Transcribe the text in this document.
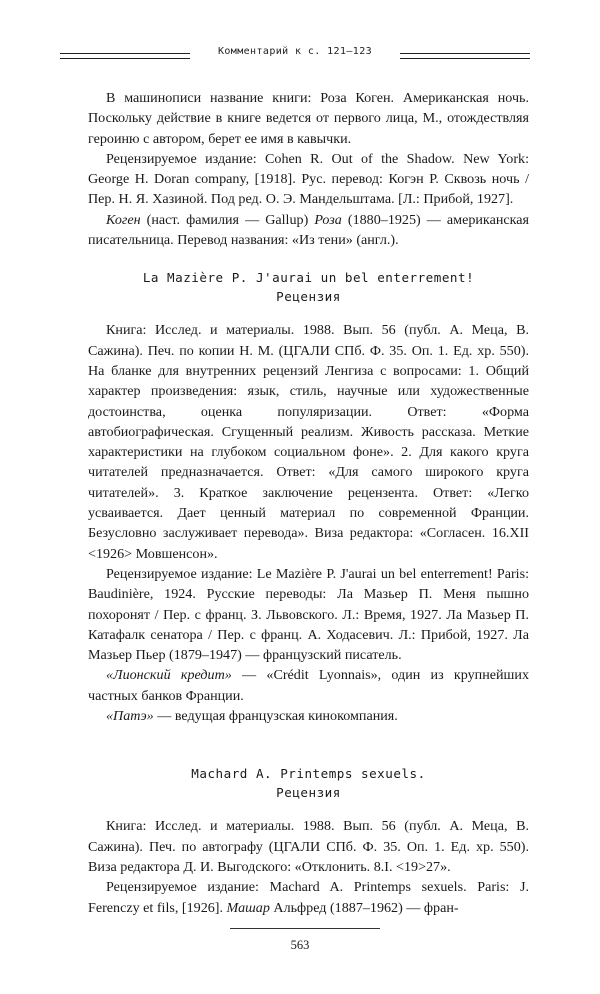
Комментарий к с. 121–123

В машинописи название книги: Роза Коген. Американская ночь. Поскольку действие в книге ведется от первого лица, М., отождествляя героиню с автором, берет ее имя в кавычки.

Рецензируемое издание: Cohen R. Out of the Shadow. New York: George H. Doran company, [1918]. Рус. перевод: Когэн Р. Сквозь ночь / Пер. Н. Я. Хазиной. Под ред. О. Э. Мандельштама. [Л.: Прибой, 1927].

Коген (наст. фамилия — Gallup) Роза (1880–1925) — американская писательница. Перевод названия: «Из тени» (англ.).

La Mazière P. J'aurai un bel enterrement!

Рецензия

Книга: Исслед. и материалы. 1988. Вып. 56 (публ. А. Меца, В. Сажина). Печ. по копии Н. М. (ЦГАЛИ СПб. Ф. 35. Оп. 1. Ед. хр. 550). На бланке для внутренних рецензий Ленгиза с вопросами: 1. Общий характер произведения: язык, стиль, научные или художественные достоинства, оценка популяризации. Ответ: «Форма автобиографическая. Сгущенный реализм. Живость рассказа. Меткие характеристики на глубоком социальном фоне». 2. Для какого круга читателей предназначается. Ответ: «Для самого широкого круга читателей». 3. Краткое заключение рецензента. Ответ: «Легко усваивается. Дает ценный материал по современной Франции. Безусловно заслуживает перевода». Виза редактора: «Согласен. 16.XII <1926> Мовшенсон».

Рецензируемое издание: Le Mazière P. J'aurai un bel enterrement! Paris: Baudinière, 1924. Русские переводы: Ла Мазьер П. Меня пышно похоронят / Пер. с франц. З. Львовского. Л.: Время, 1927. Ла Мазьер П. Катафалк сенатора / Пер. с франц. А. Ходасевич. Л.: Прибой, 1927. Ла Мазьер Пьер (1879–1947) — французский писатель.

«Лионский кредит» — «Crédit Lyonnais», один из крупнейших частных банков Франции.

«Патэ» — ведущая французская кинокомпания.

Machard A. Printemps sexuels.

Рецензия

Книга: Исслед. и материалы. 1988. Вып. 56 (публ. А. Меца, В. Сажина). Печ. по автографу (ЦГАЛИ СПб. Ф. 35. Оп. 1. Ед. хр. 550). Виза редактора Д. И. Выгодского: «Отклонить. 8.I. <19>27».

Рецензируемое издание: Machard A. Printemps sexuels. Paris: J. Ferenczy et fils, [1926]. Машар Альфред (1887–1962) — фран-

563
